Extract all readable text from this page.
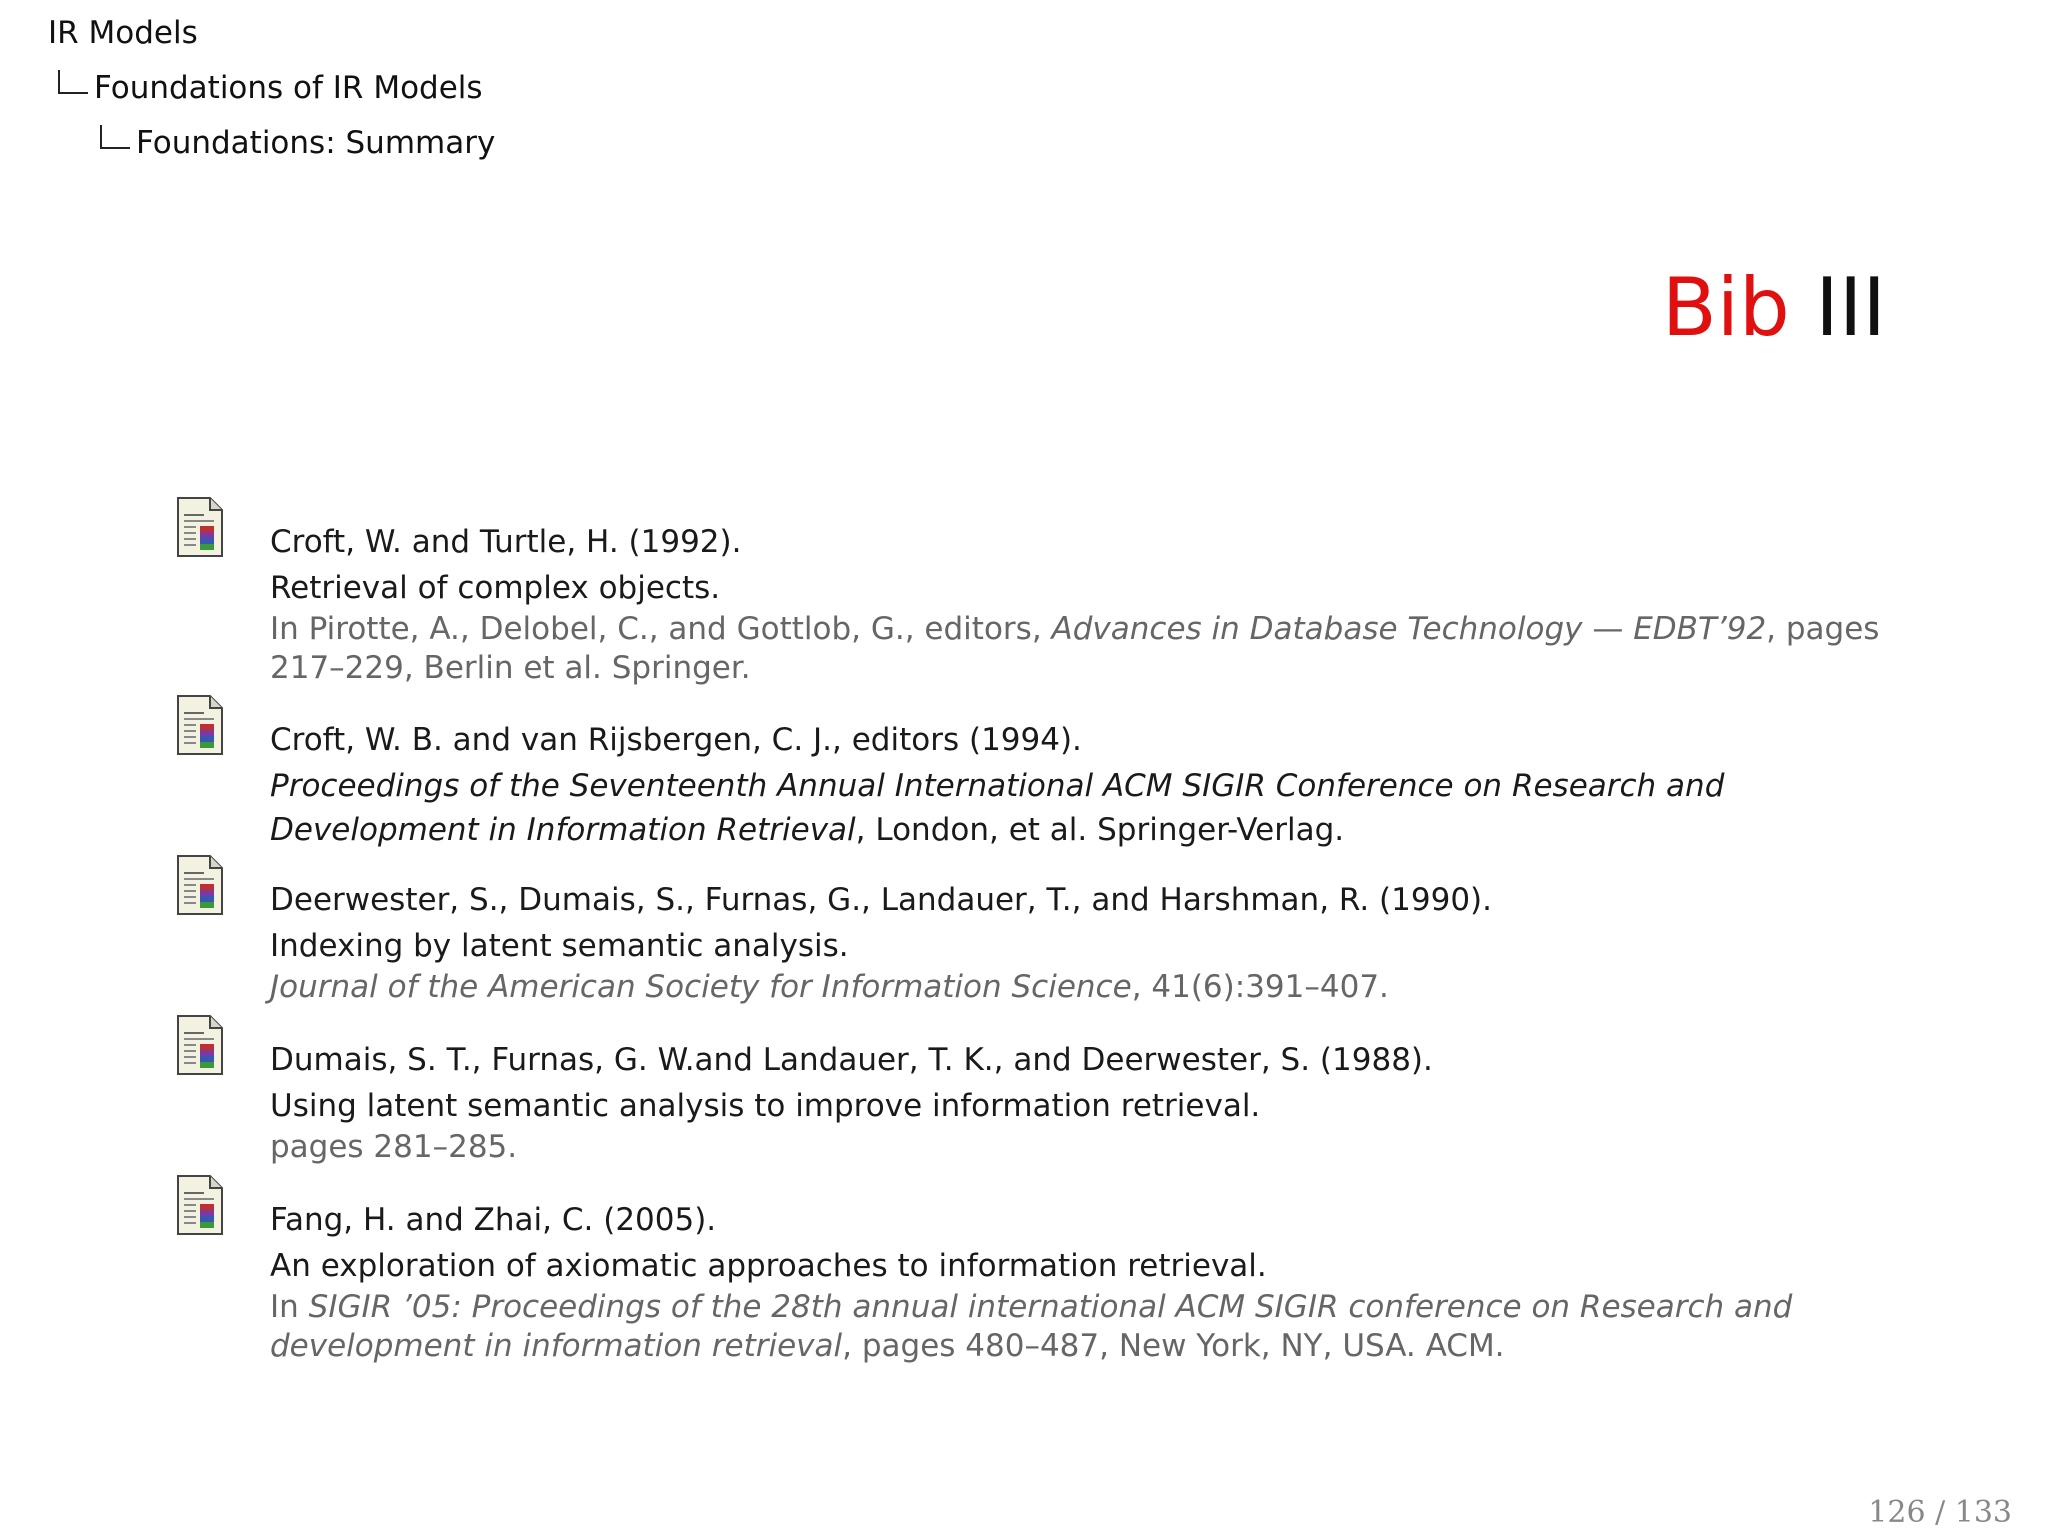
IR Models
Foundations of IR Models
Foundations: Summary
Bib III
Croft, W. and Turtle, H. (1992).
Retrieval of complex objects.
In Pirotte, A., Delobel, C., and Gottlob, G., editors, Advances in Database Technology — EDBT’92, pages 217–229, Berlin et al. Springer.
Croft, W. B. and van Rijsbergen, C. J., editors (1994).
Proceedings of the Seventeenth Annual International ACM SIGIR Conference on Research and Development in Information Retrieval, London, et al. Springer-Verlag.
Deerwester, S., Dumais, S., Furnas, G., Landauer, T., and Harshman, R. (1990).
Indexing by latent semantic analysis.
Journal of the American Society for Information Science, 41(6):391–407.
Dumais, S. T., Furnas, G. W.and Landauer, T. K., and Deerwester, S. (1988).
Using latent semantic analysis to improve information retrieval.
pages 281–285.
Fang, H. and Zhai, C. (2005).
An exploration of axiomatic approaches to information retrieval.
In SIGIR ’05: Proceedings of the 28th annual international ACM SIGIR conference on Research and development in information retrieval, pages 480–487, New York, NY, USA. ACM.
126 / 133
